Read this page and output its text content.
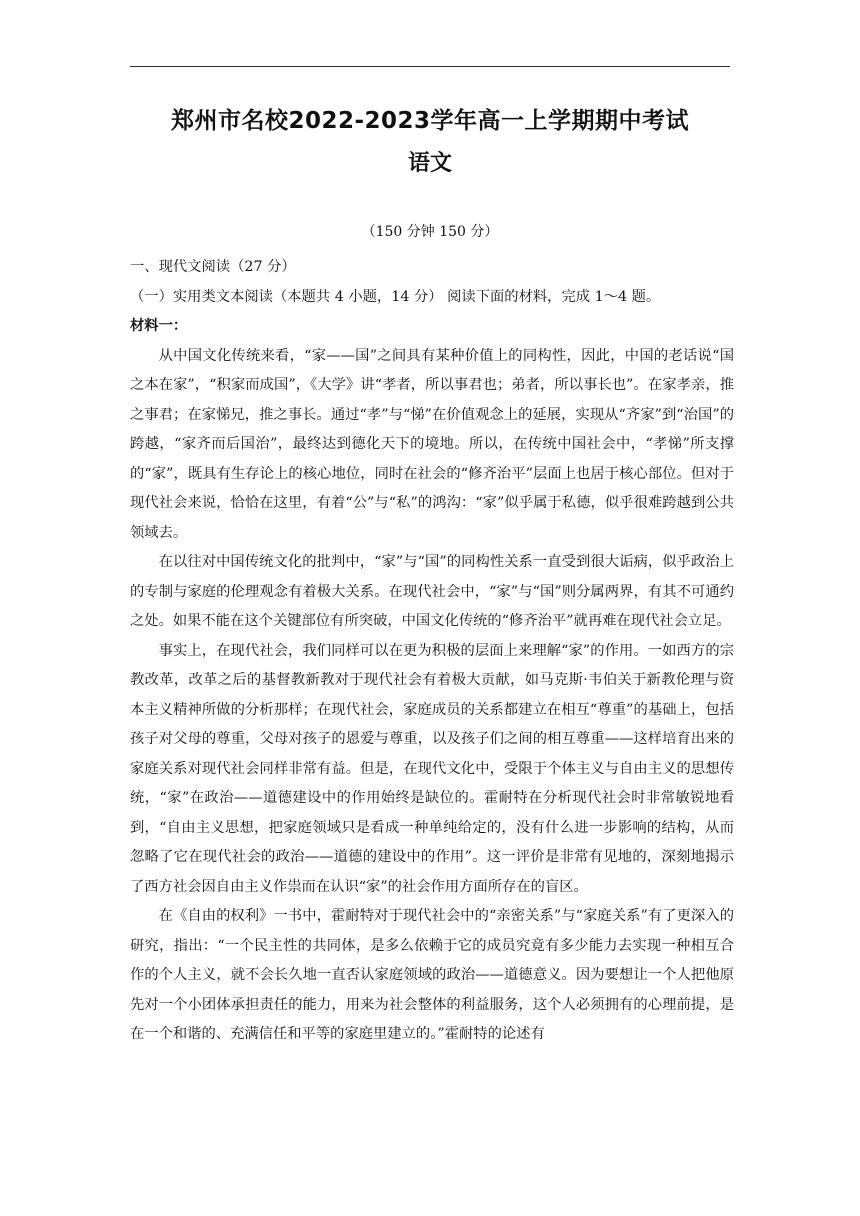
郑州市名校2022-2023学年高一上学期期中考试
语文
（150 分钟 150 分）

一、现代文阅读（27 分）

（一）实用类文本阅读（本题共 4 小题，14 分） 阅读下面的材料，完成 1～4 题。

材料一：

从中国文化传统来看，“家——国”之间具有某种价值上的同构性，因此，中国的老话说“国之本在家”，“积家而成国”，《大学》讲“孝者，所以事君也；弟者，所以事长也”。在家孝亲，推之事君；在家悌兄，推之事长。通过“孝”与“悌”在价值观念上的延展，实现从“齐家”到“治国”的跨越，“家齐而后国治”，最终达到德化天下的境地。所以，在传统中国社会中，“孝悌”所支撑的“家”，既具有生存论上的核心地位，同时在社会的“修齐治平”层面上也居于核心部位。但对于现代社会来说，恰恰在这里，有着“公”与“私”的鸿沟：“家”似乎属于私德，似乎很难跨越到公共领域去。

在以往对中国传统文化的批判中，“家”与“国”的同构性关系一直受到很大诟病，似乎政治上的专制与家庭的伦理观念有着极大关系。在现代社会中，“家”与“国”则分属两界，有其不可通约之处。如果不能在这个关键部位有所突破，中国文化传统的“修齐治平”就再难在现代社会立足。

事实上，在现代社会，我们同样可以在更为积极的层面上来理解“家”的作用。一如西方的宗教改革，改革之后的基督教新教对于现代社会有着极大贡献，如马克斯·韦伯关于新教伦理与资本主义精神所做的分析那样；在现代社会，家庭成员的关系都建立在相互“尊重”的基础上，包括孩子对父母的尊重，父母对孩子的恩爱与尊重，以及孩子们之间的相互尊重——这样培育出来的家庭关系对现代社会同样非常有益。但是，在现代文化中，受限于个体主义与自由主义的思想传统，“家”在政治——道德建设中的作用始终是缺位的。霍耐特在分析现代社会时非常敏锐地看到，“自由主义思想，把家庭领域只是看成一种单纯给定的，没有什么进一步影响的结构，从而忽略了它在现代社会的政治——道德的建设中的作用”。这一评价是非常有见地的，深刻地揭示了西方社会因自由主义作祟而在认识“家”的社会作用方面所存在的盲区。

在《自由的权利》一书中，霍耐特对于现代社会中的“亲密关系”与“家庭关系”有了更深入的研究，指出：“一个民主性的共同体，是多么依赖于它的成员究竟有多少能力去实现一种相互合作的个人主义，就不会长久地一直否认家庭领域的政治——道德意义。因为要想让一个人把他原先对一个小团体承担责任的能力，用来为社会整体的利益服务，这个人必须拥有的心理前提，是在一个和谐的、充满信任和平等的家庭里建立的。”霍耐特的论述有
